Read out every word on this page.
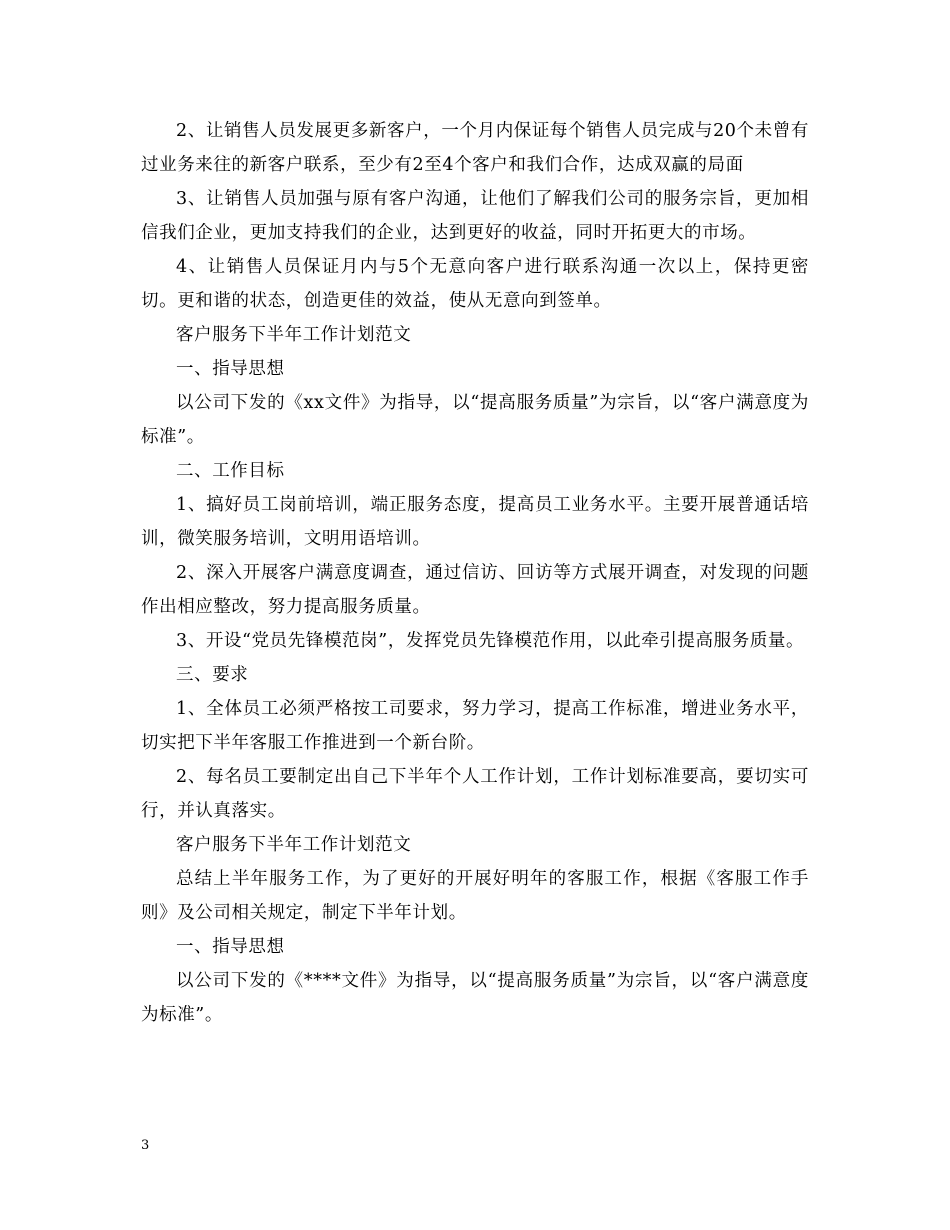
2、让销售人员发展更多新客户，一个月内保证每个销售人员完成与20个未曾有过业务来往的新客户联系，至少有2至4个客户和我们合作，达成双赢的局面

3、让销售人员加强与原有客户沟通，让他们了解我们公司的服务宗旨，更加相信我们企业，更加支持我们的企业，达到更好的收益，同时开拓更大的市场。

4、让销售人员保证月内与5个无意向客户进行联系沟通一次以上，保持更密切。更和谐的状态，创造更佳的效益，使从无意向到签单。

客户服务下半年工作计划范文

一、指导思想

以公司下发的《xx文件》为指导，以“提高服务质量”为宗旨，以“客户满意度为标准”。

二、工作目标

1、搞好员工岗前培训，端正服务态度，提高员工业务水平。主要开展普通话培训，微笑服务培训，文明用语培训。

2、深入开展客户满意度调查，通过信访、回访等方式展开调查，对发现的问题作出相应整改，努力提高服务质量。

3、开设“党员先锋模范岗”，发挥党员先锋模范作用，以此牵引提高服务质量。

三、要求

1、全体员工必须严格按工司要求，努力学习，提高工作标准，增进业务水平，切实把下半年客服工作推进到一个新台阶。

2、每名员工要制定出自己下半年个人工作计划，工作计划标准要高，要切实可行，并认真落实。

客户服务下半年工作计划范文

总结上半年服务工作，为了更好的开展好明年的客服工作，根据《客服工作手则》及公司相关规定，制定下半年计划。

一、指导思想

以公司下发的《****文件》为指导，以“提高服务质量”为宗旨，以“客户满意度为标准”。

3
